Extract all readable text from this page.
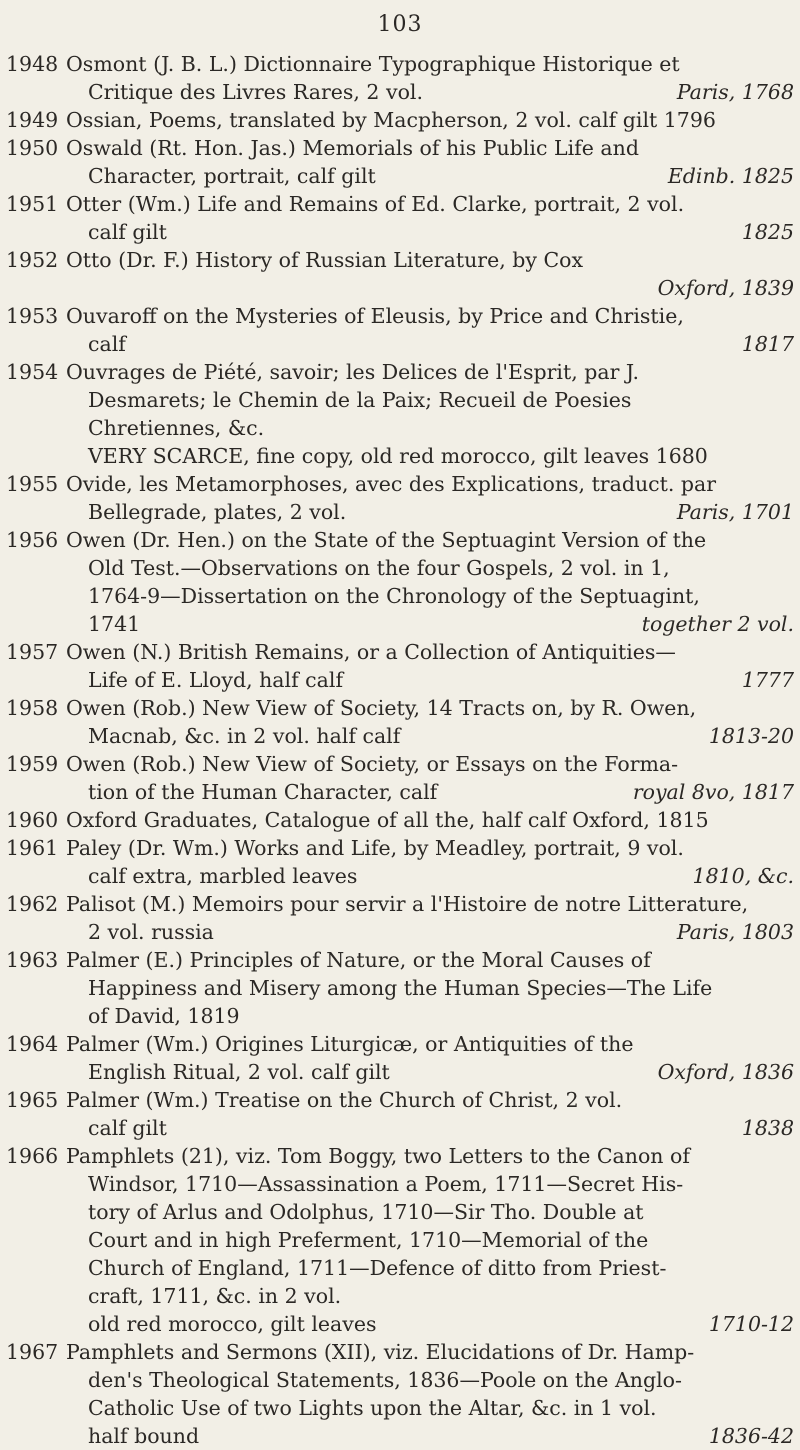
103
1948 Osmont (J. B. L.) Dictionnaire Typographique Historique et
Critique des Livres Rares, 2 vol.	Paris, 1768
1949 Ossian, Poems, translated by Macpherson, 2 vol. calf gilt 1796
1950 Oswald (Rt. Hon. Jas.) Memorials of his Public Life and
Character, portrait, calf gilt	Edinb. 1825
1951 Otter (Wm.) Life and Remains of Ed. Clarke, portrait, 2 vol.
calf gilt	1825
1952 Otto (Dr. F.) History of Russian Literature, by Cox
Oxford, 1839
1953 Ouvaroff on the Mysteries of Eleusis, by Price and Christie,
calf	1817
1954 Ouvrages de Piété, savoir; les Delices de l'Esprit, par J.
Desmarets; le Chemin de la Paix; Recueil de Poesies
Chretiennes, &c.
VERY SCARCE, fine copy, old red morocco, gilt leaves 1680
1955 Ovide, les Metamorphoses, avec des Explications, traduct. par
Bellegrade, plates, 2 vol.	Paris, 1701
1956 Owen (Dr. Hen.) on the State of the Septuagint Version of the
Old Test.—Observations on the four Gospels, 2 vol. in 1,
1764-9—Dissertation on the Chronology of the Septuagint,
1741	together 2 vol.
1957 Owen (N.) British Remains, or a Collection of Antiquities—
Life of E. Lloyd, half calf	1777
1958 Owen (Rob.) New View of Society, 14 Tracts on, by R. Owen,
Macnab, &c. in 2 vol. half calf	1813-20
1959 Owen (Rob.) New View of Society, or Essays on the Forma-
tion of the Human Character, calf	royal 8vo, 1817
1960 Oxford Graduates, Catalogue of all the, half calf Oxford, 1815
1961 Paley (Dr. Wm.) Works and Life, by Meadley, portrait, 9 vol.
calf extra, marbled leaves	1810, &c.
1962 Palisot (M.) Memoirs pour servir a l'Histoire de notre Litterature,
2 vol. russia	Paris, 1803
1963 Palmer (E.) Principles of Nature, or the Moral Causes of
Happiness and Misery among the Human Species—The Life
of David, 1819
1964 Palmer (Wm.) Origines Liturgicæ, or Antiquities of the
English Ritual, 2 vol. calf gilt	Oxford, 1836
1965 Palmer (Wm.) Treatise on the Church of Christ, 2 vol.
calf gilt	1838
1966 Pamphlets (21), viz. Tom Boggy, two Letters to the Canon of
Windsor, 1710—Assassination a Poem, 1711—Secret His-
tory of Arlus and Odolphus, 1710—Sir Tho. Double at
Court and in high Preferment, 1710—Memorial of the
Church of England, 1711—Defence of ditto from Priest-
craft, 1711, &c. in 2 vol.
old red morocco, gilt leaves	1710-12
1967 Pamphlets and Sermons (XII), viz. Elucidations of Dr. Hamp-
den's Theological Statements, 1836—Poole on the Anglo-
Catholic Use of two Lights upon the Altar, &c. in 1 vol.
half bound	1836-42
